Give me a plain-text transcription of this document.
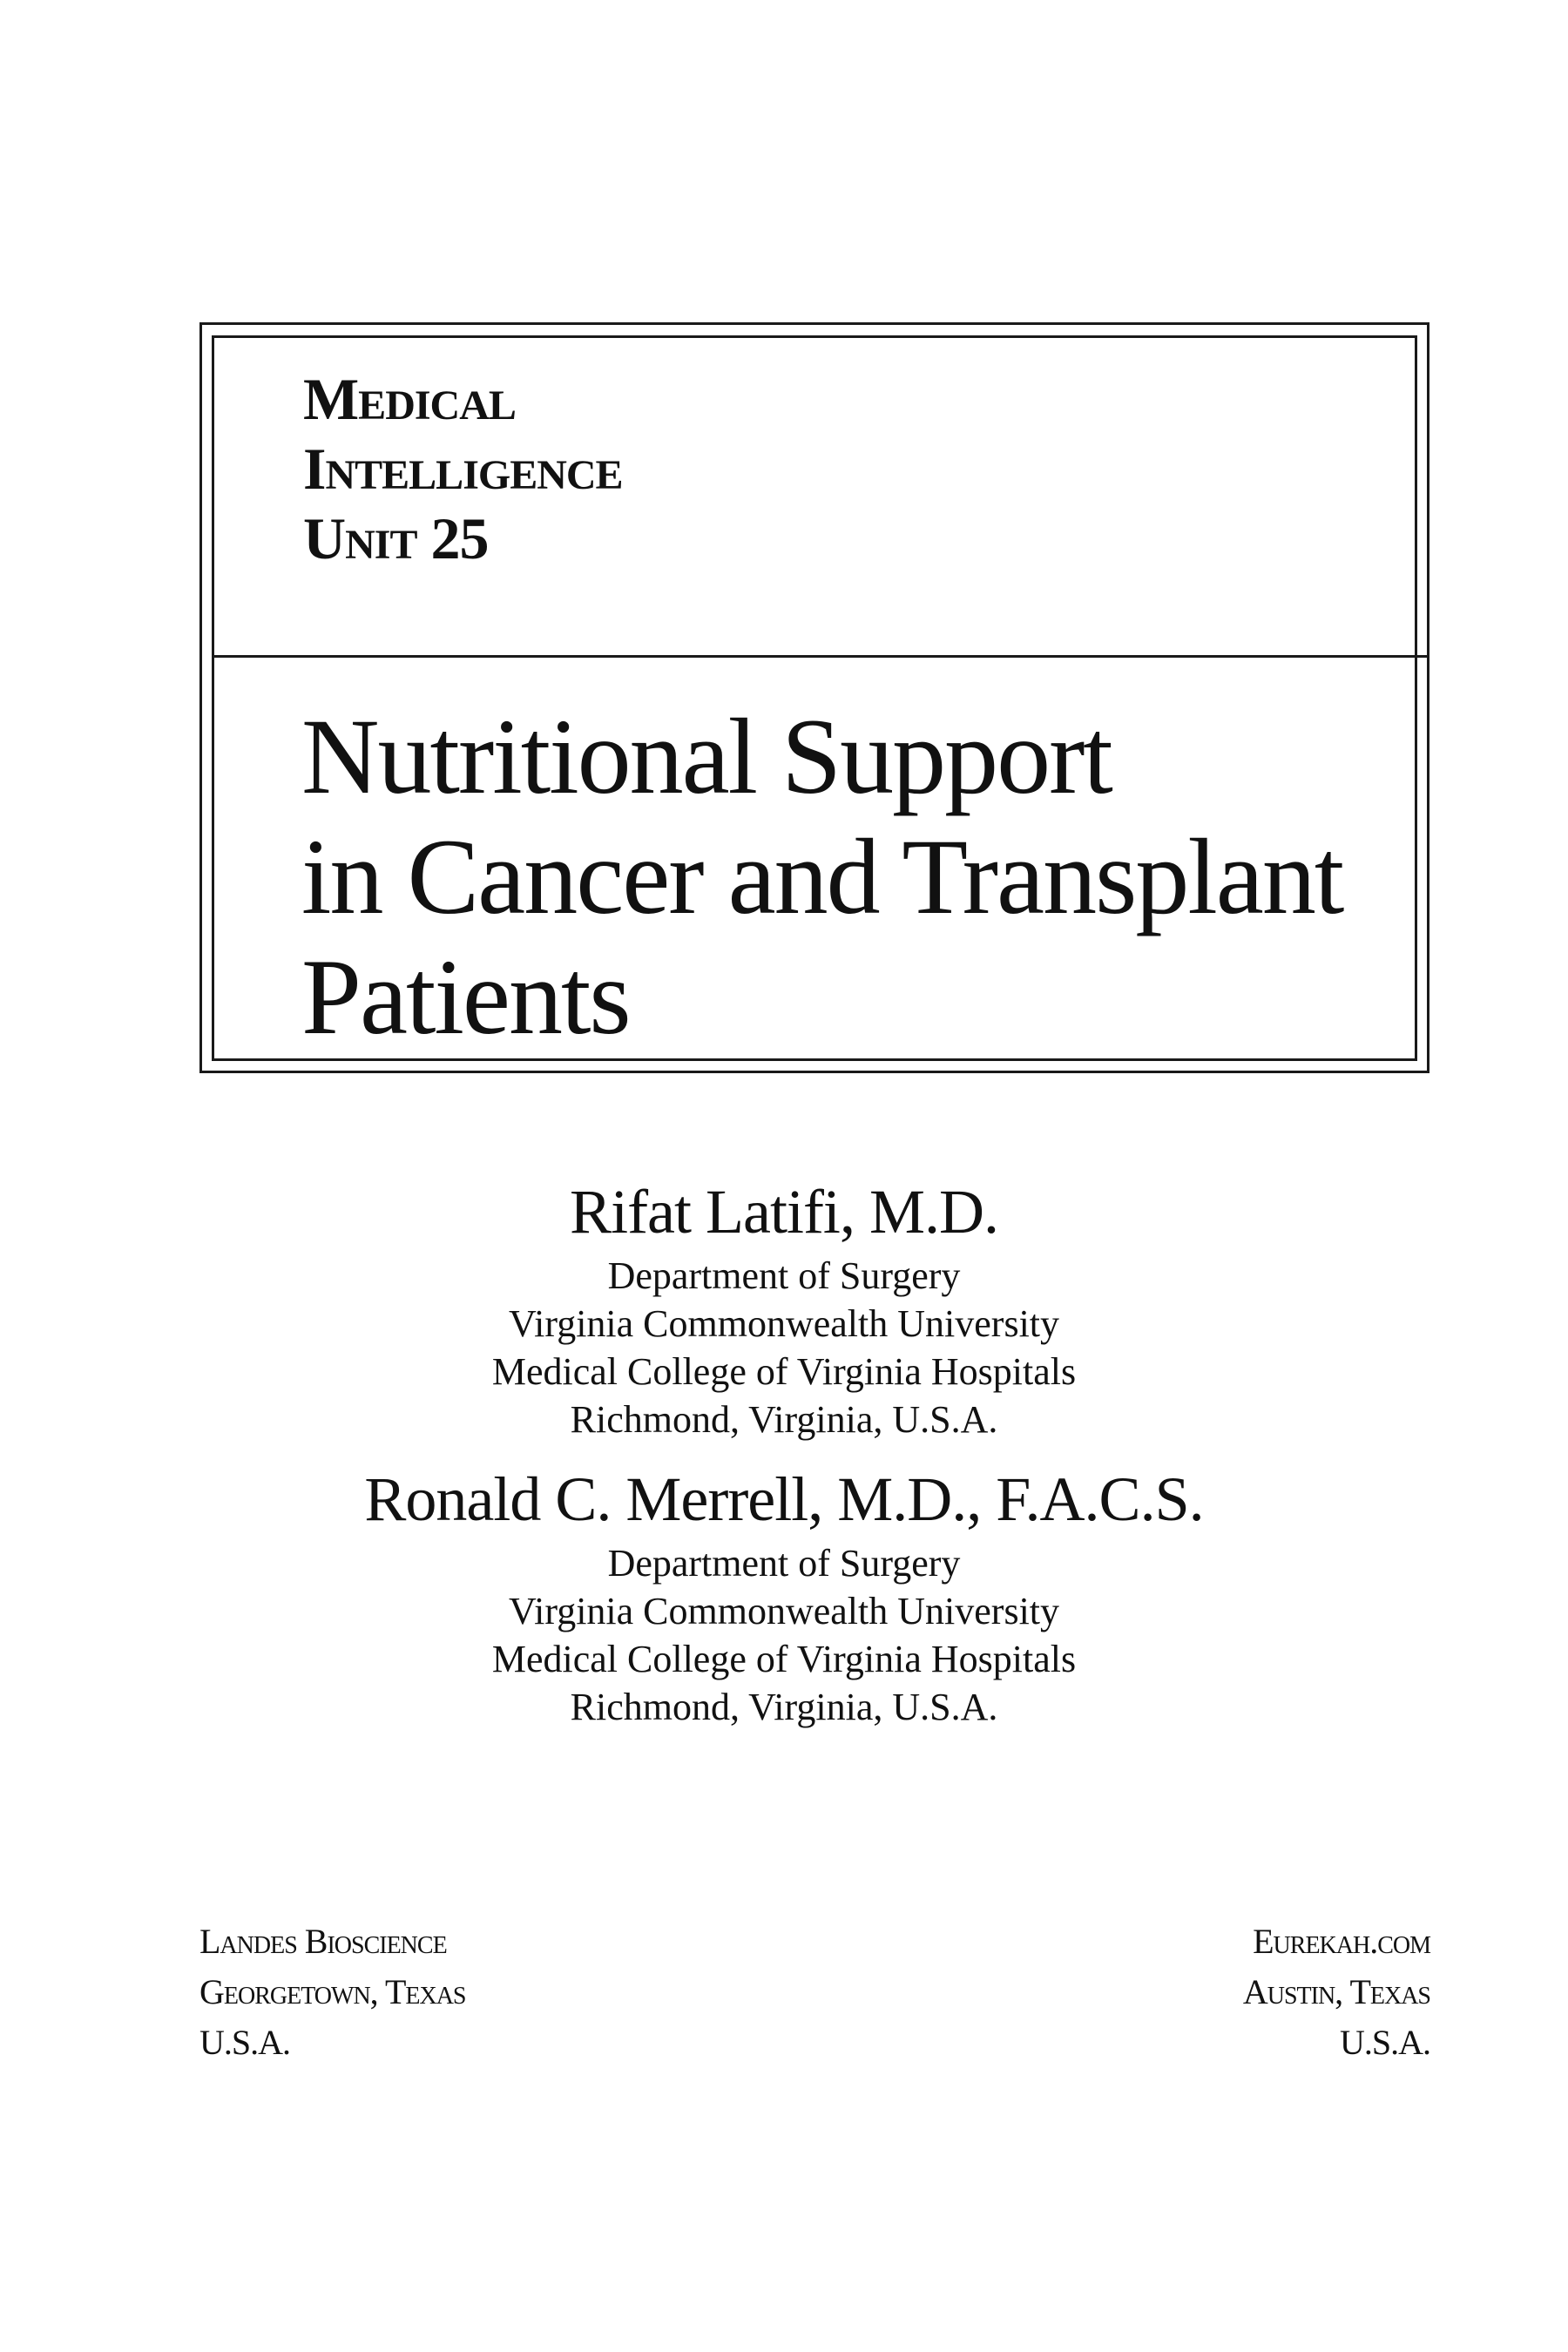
Medical
Intelligence
Unit 25
Nutritional Support
in Cancer and Transplant
Patients
Rifat Latifi, M.D.
Department of Surgery
Virginia Commonwealth University
Medical College of Virginia Hospitals
Richmond, Virginia, U.S.A.
Ronald C. Merrell, M.D., F.A.C.S.
Department of Surgery
Virginia Commonwealth University
Medical College of Virginia Hospitals
Richmond, Virginia, U.S.A.
Landes Bioscience
Georgetown, Texas
U.S.A.
Eurekah.com
Austin, Texas
U.S.A.
